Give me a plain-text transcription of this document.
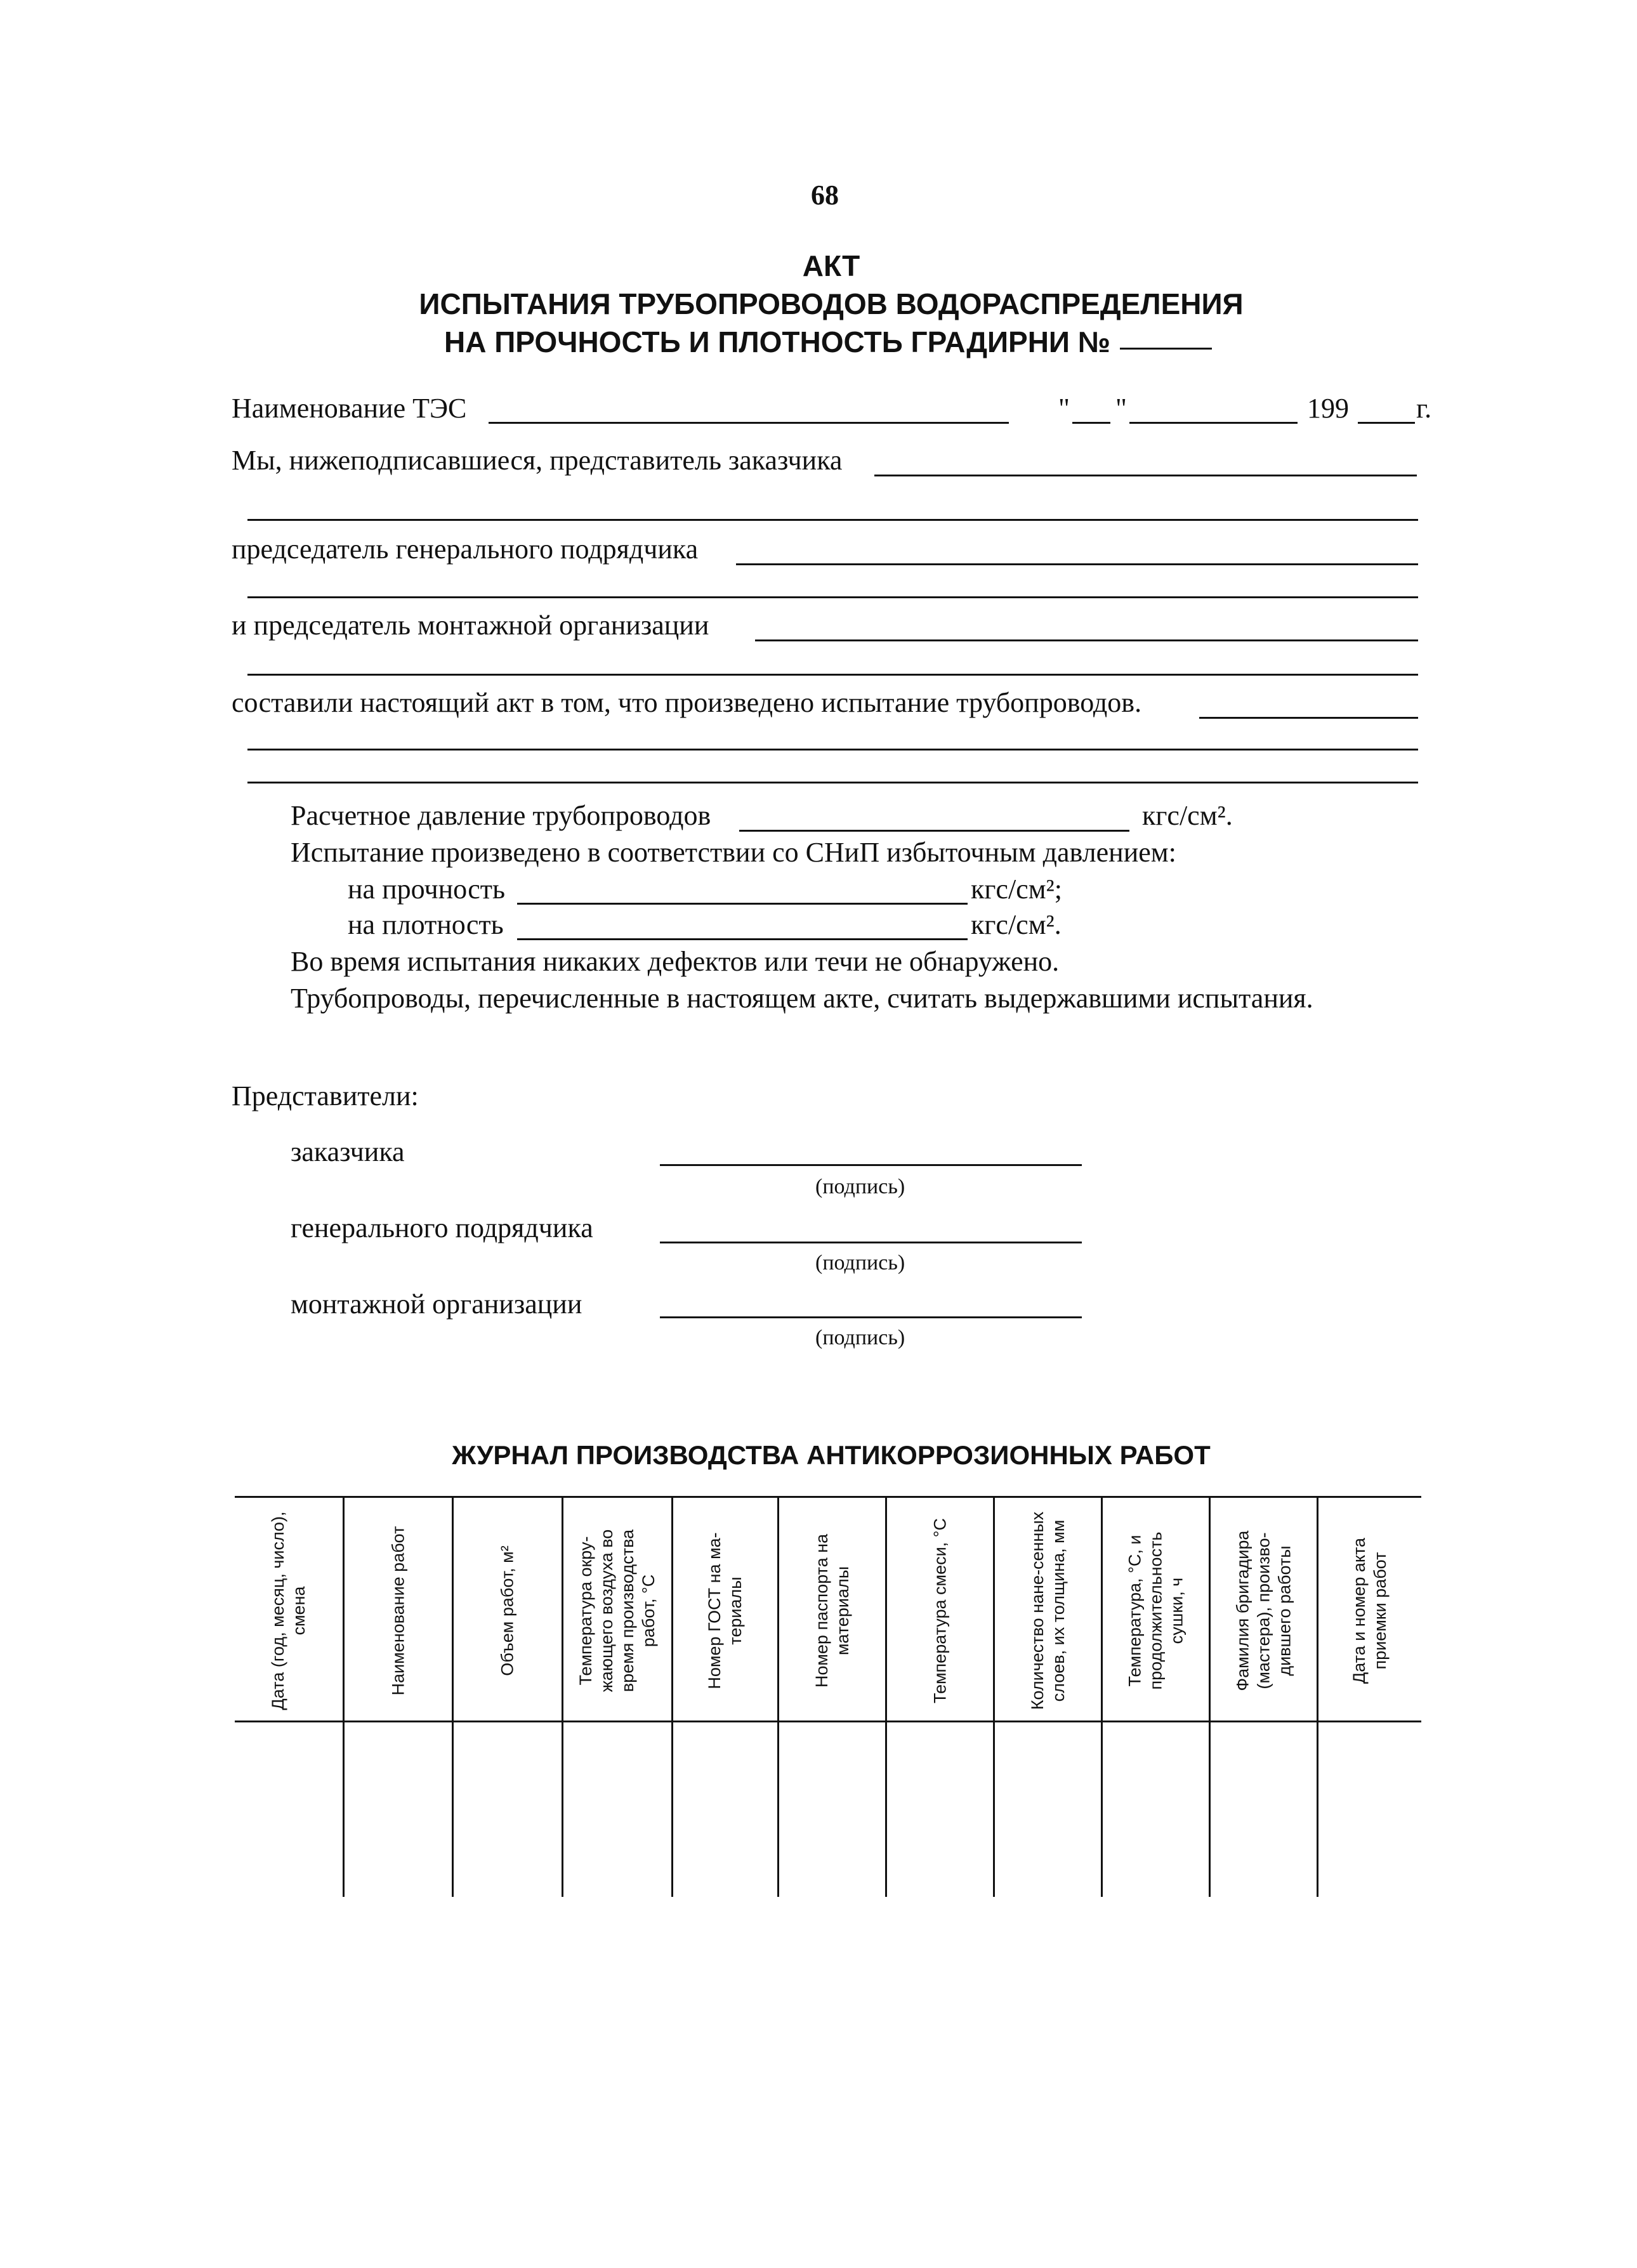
68
АКТ
ИСПЫТАНИЯ ТРУБОПРОВОДОВ ВОДОРАСПРЕДЕЛЕНИЯ
НА ПРОЧНОСТЬ И ПЛОТНОСТЬ ГРАДИРНИ №
Наименование ТЭС	" "	199 г.
Мы, нижеподписавшиеся, представитель заказчика
председатель генерального подрядчика
и председатель монтажной организации
составили настоящий акт в том, что произведено испытание трубопроводов.
Расчетное давление трубопроводов	кгс/см².
Испытание произведено в соответствии со СНиП избыточным давлением:
на прочность	кгс/см²;
на плотность	кгс/см².
Во время испытания никаких дефектов или течи не обнаружено.
Трубопроводы, перечисленные в настоящем акте, считать выдержавшими испытания.
Представители:
заказчика
(подпись)
генерального подрядчика
(подпись)
монтажной организации
(подпись)
ЖУРНАЛ ПРОИЗВОДСТВА АНТИКОРРОЗИОННЫХ РАБОТ
Дата (год, месяц, число), смена	Наименование работ	Объем работ, м²	Температура окру-жающего воздуха во время производства работ, °С	Номер ГОСТ на ма-териалы	Номер паспорта на материалы	Температура смеси, °С	Количество нане-сенных слоев, их толщина, мм	Температура, °С, и продолжительность сушки, ч	Фамилия бригадира (мастера), произво-дившего работы	Дата и номер акта приемки работ
